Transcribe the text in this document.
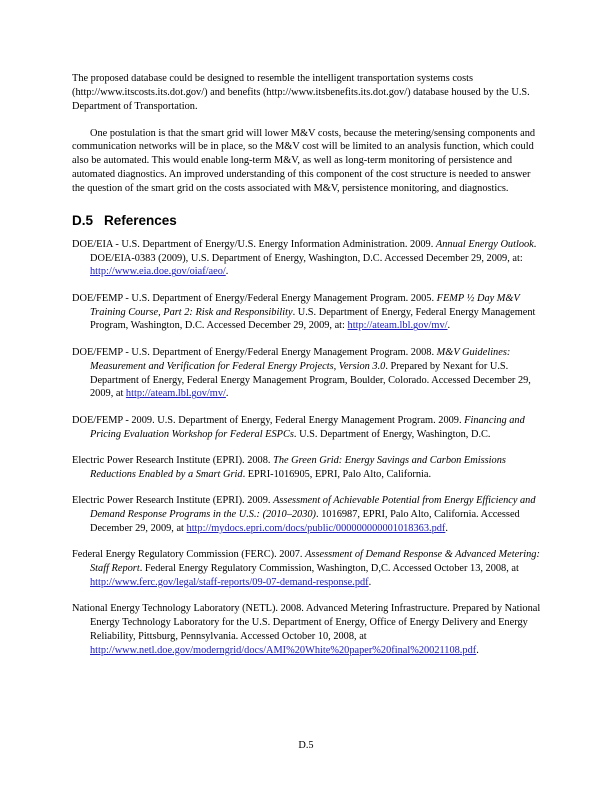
The proposed database could be designed to resemble the intelligent transportation systems costs (http://www.itscosts.its.dot.gov/) and benefits (http://www.itsbenefits.its.dot.gov/) database housed by the U.S. Department of Transportation.

One postulation is that the smart grid will lower M&V costs, because the metering/sensing components and communication networks will be in place, so the M&V cost will be limited to an analysis function, which could also be automated. This would enable long-term M&V, as well as long-term monitoring of persistence and automated diagnostics. An improved understanding of this component of the cost structure is needed to answer the question of the smart grid on the costs associated with M&V, persistence monitoring, and diagnostics.

D.5 References

DOE/EIA - U.S. Department of Energy/U.S. Energy Information Administration. 2009. Annual Energy Outlook. DOE/EIA-0383 (2009), U.S. Department of Energy, Washington, D.C. Accessed December 29, 2009, at: http://www.eia.doe.gov/oiaf/aeo/.

DOE/FEMP - U.S. Department of Energy/Federal Energy Management Program. 2005. FEMP ½ Day M&V Training Course, Part 2: Risk and Responsibility. U.S. Department of Energy, Federal Energy Management Program, Washington, D.C. Accessed December 29, 2009, at: http://ateam.lbl.gov/mv/.

DOE/FEMP - U.S. Department of Energy/Federal Energy Management Program. 2008. M&V Guidelines: Measurement and Verification for Federal Energy Projects, Version 3.0. Prepared by Nexant for U.S. Department of Energy, Federal Energy Management Program, Boulder, Colorado. Accessed December 29, 2009, at http://ateam.lbl.gov/mv/.

DOE/FEMP - 2009. U.S. Department of Energy, Federal Energy Management Program. 2009. Financing and Pricing Evaluation Workshop for Federal ESPCs. U.S. Department of Energy, Washington, D.C.

Electric Power Research Institute (EPRI). 2008. The Green Grid: Energy Savings and Carbon Emissions Reductions Enabled by a Smart Grid. EPRI-1016905, EPRI, Palo Alto, California.

Electric Power Research Institute (EPRI). 2009. Assessment of Achievable Potential from Energy Efficiency and Demand Response Programs in the U.S.: (2010–2030). 1016987, EPRI, Palo Alto, California. Accessed December 29, 2009, at http://mydocs.epri.com/docs/public/000000000001018363.pdf.

Federal Energy Regulatory Commission (FERC). 2007. Assessment of Demand Response & Advanced Metering: Staff Report. Federal Energy Regulatory Commission, Washington, D,C. Accessed October 13, 2008, at http://www.ferc.gov/legal/staff-reports/09-07-demand-response.pdf.

National Energy Technology Laboratory (NETL). 2008. Advanced Metering Infrastructure. Prepared by National Energy Technology Laboratory for the U.S. Department of Energy, Office of Energy Delivery and Energy Reliability, Pittsburg, Pennsylvania. Accessed October 10, 2008, at http://www.netl.doe.gov/moderngrid/docs/AMI%20White%20paper%20final%20021108.pdf.

D.5
